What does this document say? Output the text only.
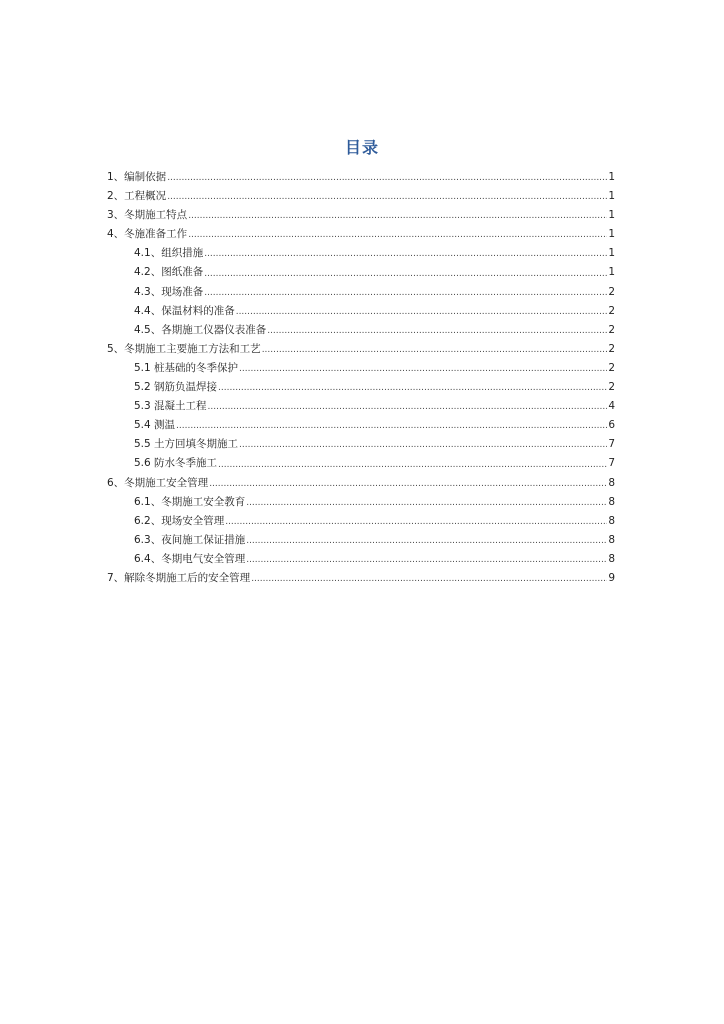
目录
1、编制依据 .....	1
2、工程概况 .....	1
3、冬期施工特点 .....	1
4、冬施准备工作 .....	1
4.1、组织措施 .....	1
4.2、图纸准备 .....	1
4.3、现场准备 .....	2
4.4、保温材料的准备 .....	2
4.5、各期施工仪器仪表准备 .....	2
5、冬期施工主要施工方法和工艺 .....	2
5.1 桩基础的冬季保护 .....	2
5.2 钢筋负温焊接 .....	2
5.3 混凝土工程 .....	4
5.4 测温 .....	6
5.5 土方回填冬期施工 .....	7
5.6 防水冬季施工 .....	7
6、冬期施工安全管理 .....	8
6.1、冬期施工安全教育 .....	8
6.2、现场安全管理 .....	8
6.3、夜间施工保证措施 .....	8
6.4、冬期电气安全管理 .....	8
7、解除冬期施工后的安全管理 .....	9
